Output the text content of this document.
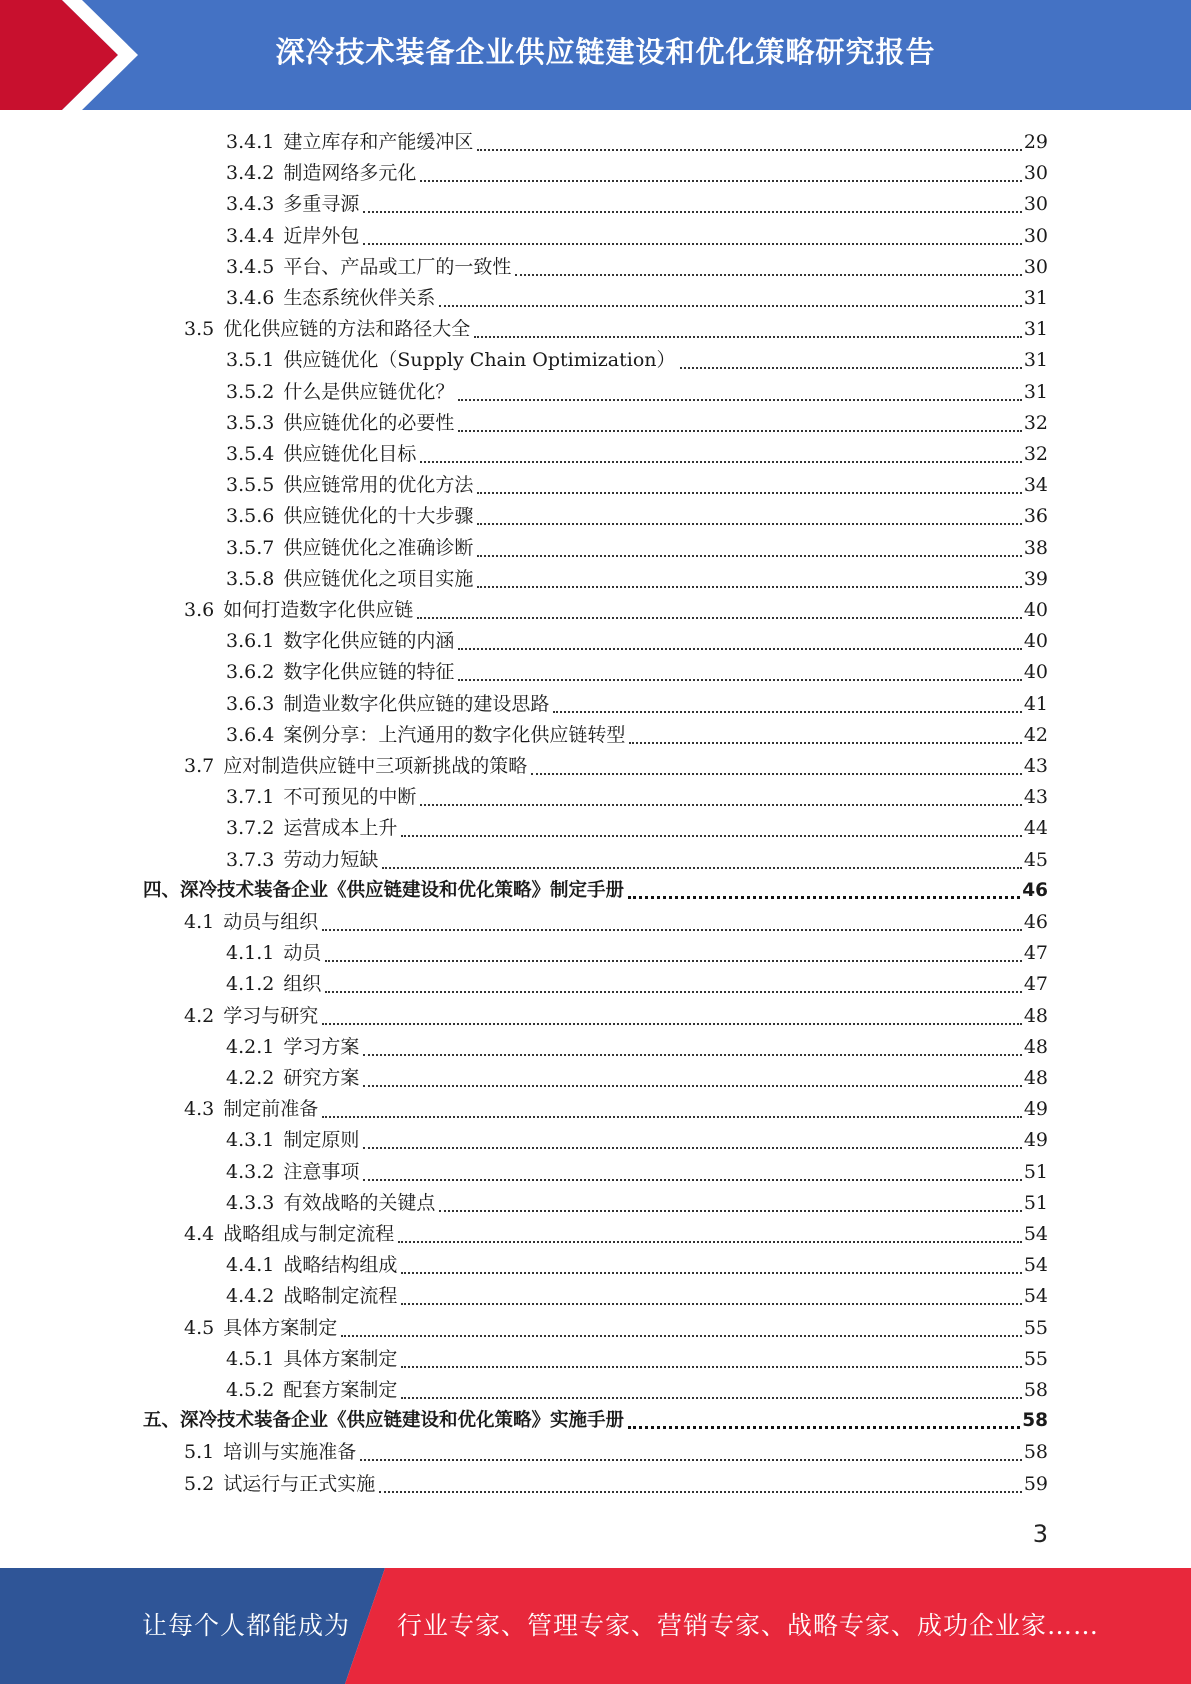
深冷技术装备企业供应链建设和优化策略研究报告
3.4.1 建立库存和产能缓冲区	29
3.4.2 制造网络多元化	30
3.4.3 多重寻源	30
3.4.4 近岸外包	30
3.4.5 平台、产品或工厂的一致性	30
3.4.6 生态系统伙伴关系	31
3.5 优化供应链的方法和路径大全	31
3.5.1 供应链优化（Supply Chain Optimization）	31
3.5.2 什么是供应链优化？	31
3.5.3 供应链优化的必要性	32
3.5.4 供应链优化目标	32
3.5.5 供应链常用的优化方法	34
3.5.6 供应链优化的十大步骤	36
3.5.7 供应链优化之准确诊断	38
3.5.8 供应链优化之项目实施	39
3.6 如何打造数字化供应链	40
3.6.1 数字化供应链的内涵	40
3.6.2 数字化供应链的特征	40
3.6.3 制造业数字化供应链的建设思路	41
3.6.4 案例分享：上汽通用的数字化供应链转型	42
3.7 应对制造供应链中三项新挑战的策略	43
3.7.1 不可预见的中断	43
3.7.2 运营成本上升	44
3.7.3 劳动力短缺	45
四、 深冷技术装备企业《供应链建设和优化策略》制定手册	46
4.1 动员与组织	46
4.1.1 动员	47
4.1.2 组织	47
4.2 学习与研究	48
4.2.1 学习方案	48
4.2.2 研究方案	48
4.3 制定前准备	49
4.3.1 制定原则	49
4.3.2 注意事项	51
4.3.3 有效战略的关键点	51
4.4 战略组成与制定流程	54
4.4.1 战略结构组成	54
4.4.2 战略制定流程	54
4.5 具体方案制定	55
4.5.1 具体方案制定	55
4.5.2 配套方案制定	58
五、 深冷技术装备企业《供应链建设和优化策略》实施手册	58
5.1 培训与实施准备	58
5.2 试运行与正式实施	59
3
让每个人都能成为 行业专家、管理专家、营销专家、战略专家、成功企业家……
